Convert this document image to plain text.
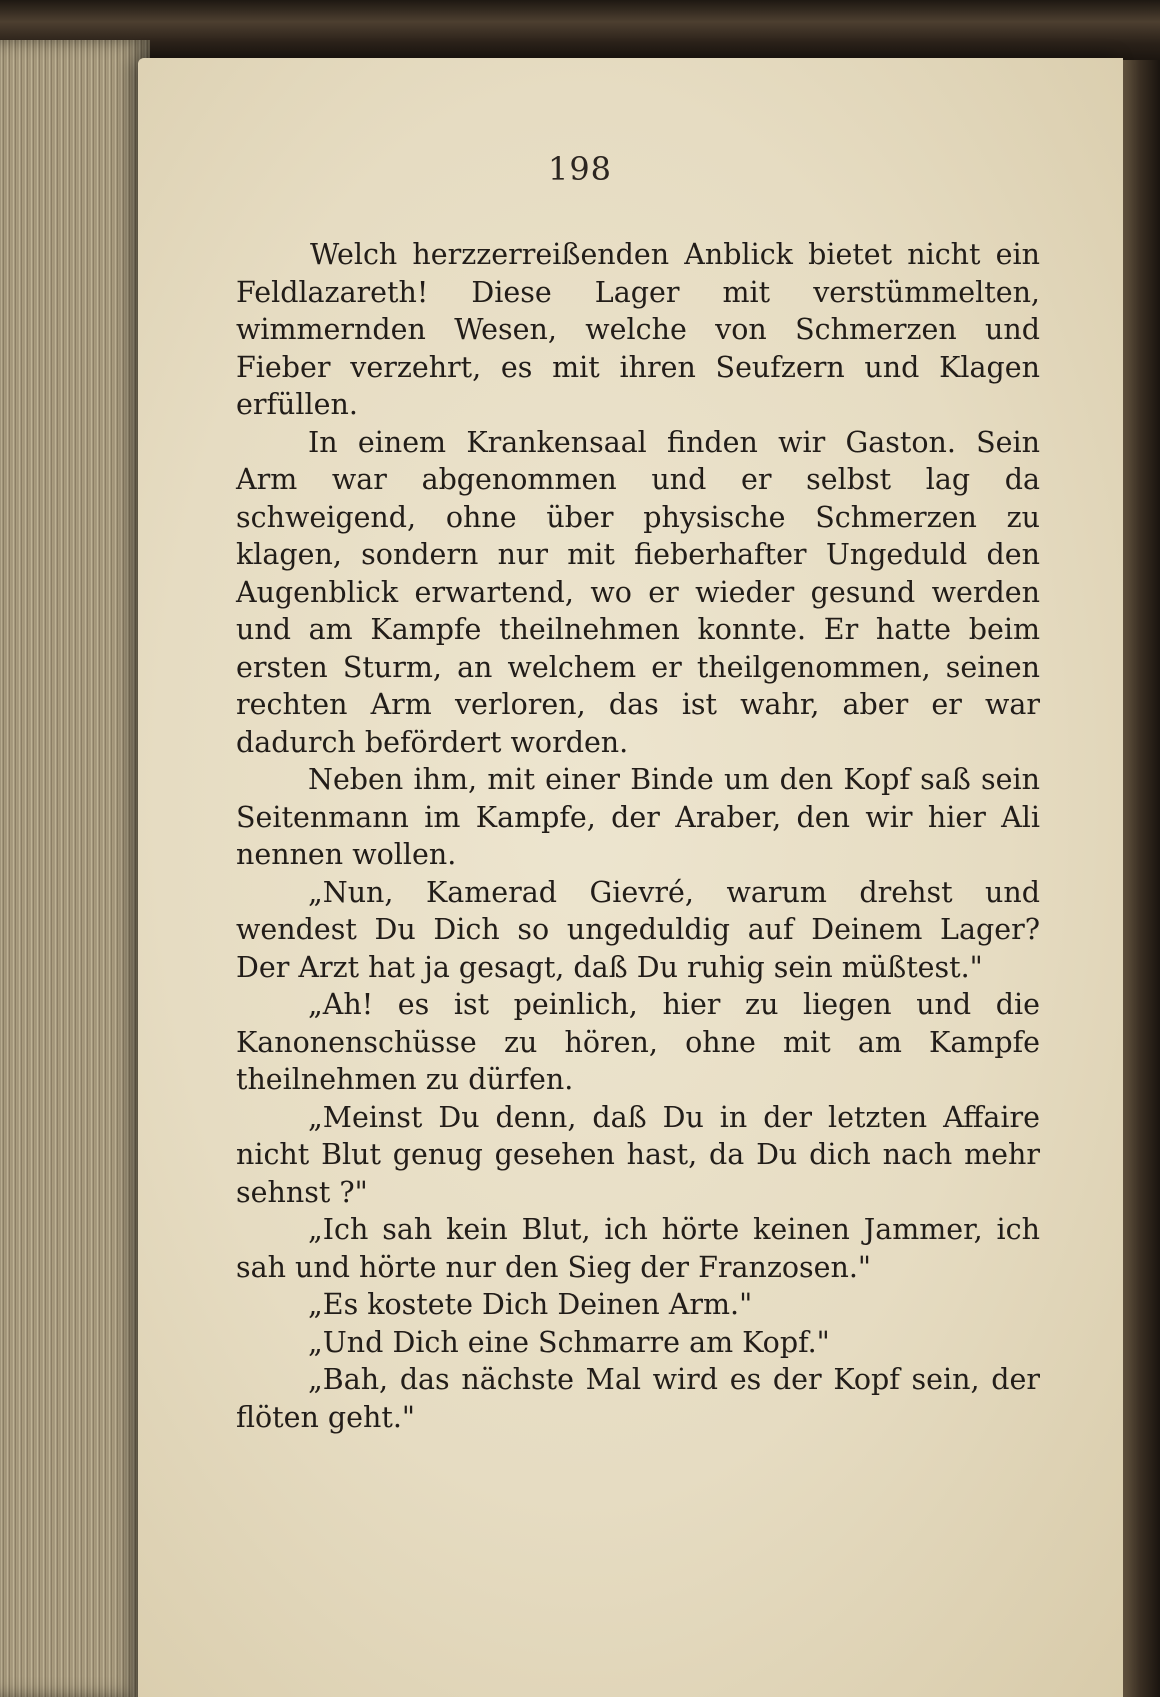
198

Welch herzzerreißenden Anblick bietet nicht ein Feldlazareth! Diese Lager mit verstümmelten, wimmernden Wesen, welche von Schmerzen und Fieber verzehrt, es mit ihren Seufzern und Klagen erfüllen.

In einem Krankensaal finden wir Gaston. Sein Arm war abgenommen und er selbst lag da schweigend, ohne über physische Schmerzen zu klagen, sondern nur mit fieberhafter Ungeduld den Augenblick erwartend, wo er wieder gesund werden und am Kampfe theilnehmen konnte. Er hatte beim ersten Sturm, an welchem er theilgenommen, seinen rechten Arm verloren, das ist wahr, aber er war dadurch befördert worden.

Neben ihm, mit einer Binde um den Kopf saß sein Seitenmann im Kampfe, der Araber, den wir hier Ali nennen wollen.

„Nun, Kamerad Gievré, warum drehst und wendest Du Dich so ungeduldig auf Deinem Lager? Der Arzt hat ja gesagt, daß Du ruhig sein müßtest."

„Ah! es ist peinlich, hier zu liegen und die Kanonenschüsse zu hören, ohne mit am Kampfe theilnehmen zu dürfen.

„Meinst Du denn, daß Du in der letzten Affaire nicht Blut genug gesehen hast, da Du dich nach mehr sehnst ?"

„Ich sah kein Blut, ich hörte keinen Jammer, ich sah und hörte nur den Sieg der Franzosen."

„Es kostete Dich Deinen Arm."

„Und Dich eine Schmarre am Kopf."

„Bah, das nächste Mal wird es der Kopf sein, der flöten geht."
